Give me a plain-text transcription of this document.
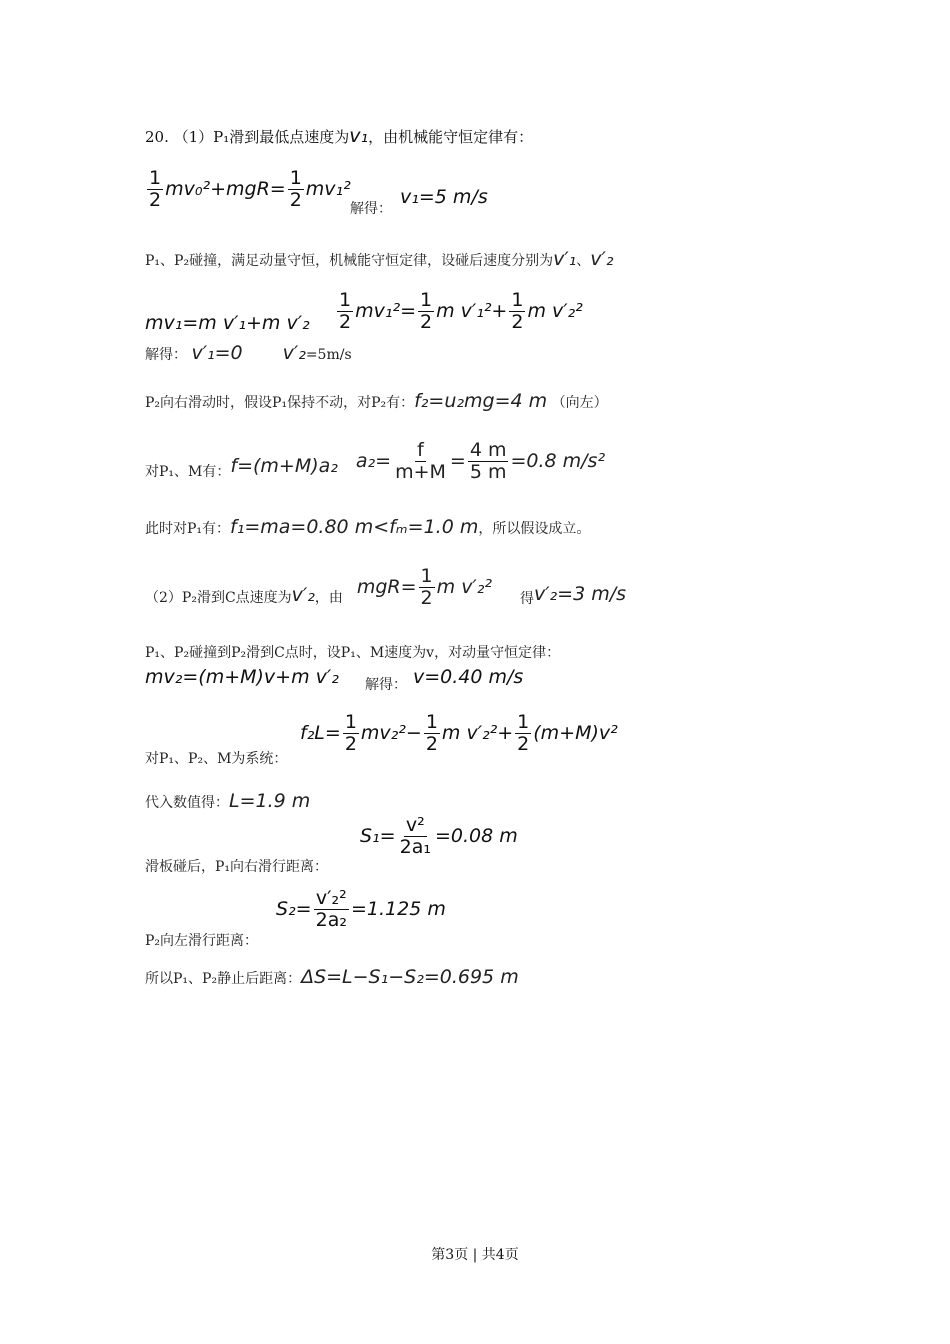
20. （1）P₁滑到最低点速度为 v₁ ，由机械能守恒定律有：
$\frac{1}{2} mv_0^2+mgR= \frac{1}{2} mv_1^2$
解得：
v₁=5 m/s
P₁、P₂碰撞，满足动量守恒，机械能守恒定律，设碰后速度分别为 v′₁ 、 v′₂
mv₁=m v′₁+m $v'_2 \frac{1}{2} mv_1^2= \frac{1}{2}$ m $v'_1^2+ \frac{1}{2}$ m v′₂²
解得： v′₁=0 v′₂ =5m/s
P₂向右滑动时，假设P₁保持不动，对P₂有： f₂=u₂mg=4 m （向左）
对P₁、M有： f=(m+M)a₂ $a_2= \frac{f}{m+M} = \frac{4 m}{5 m} =0.8$ m/s²
此时对P₁有： f₁=ma=0.80 m<fₘ=1.0 m ，所以假设成立。
（2）P₂滑到C点速度为 v′₂ ，由 $mgR= \frac{1}{2}$ m v′₂²
得 v′₂=3 m/s
P₁、P₂碰撞到P₂滑到C点时，设P₁、M速度为v，对动量守恒定律：
mv₂=(m+M)v+m v′₂ 解得： v=0.40 m/s
对P₁、P₂、M为系统：
$f_2L= \frac{1}{2} mv_2^2- \frac{1}{2}$ m $v'_2^2+ \frac{1}{2} (m+M)v^2$
代入数值得： L=1.9 m
滑板碰后，P₁向右滑行距离：
$S_1= \frac{\text{v²}}{\text{2a₁}} =0.08$ m
P₂向左滑行距离：
$S_2= \frac{\text{v′₂²}}{\text{2a₂}} =1.125$ m
所以P₁、P₂静止后距离： ΔS=L−S₁−S₂=0.695 m
第3页 | 共4页
